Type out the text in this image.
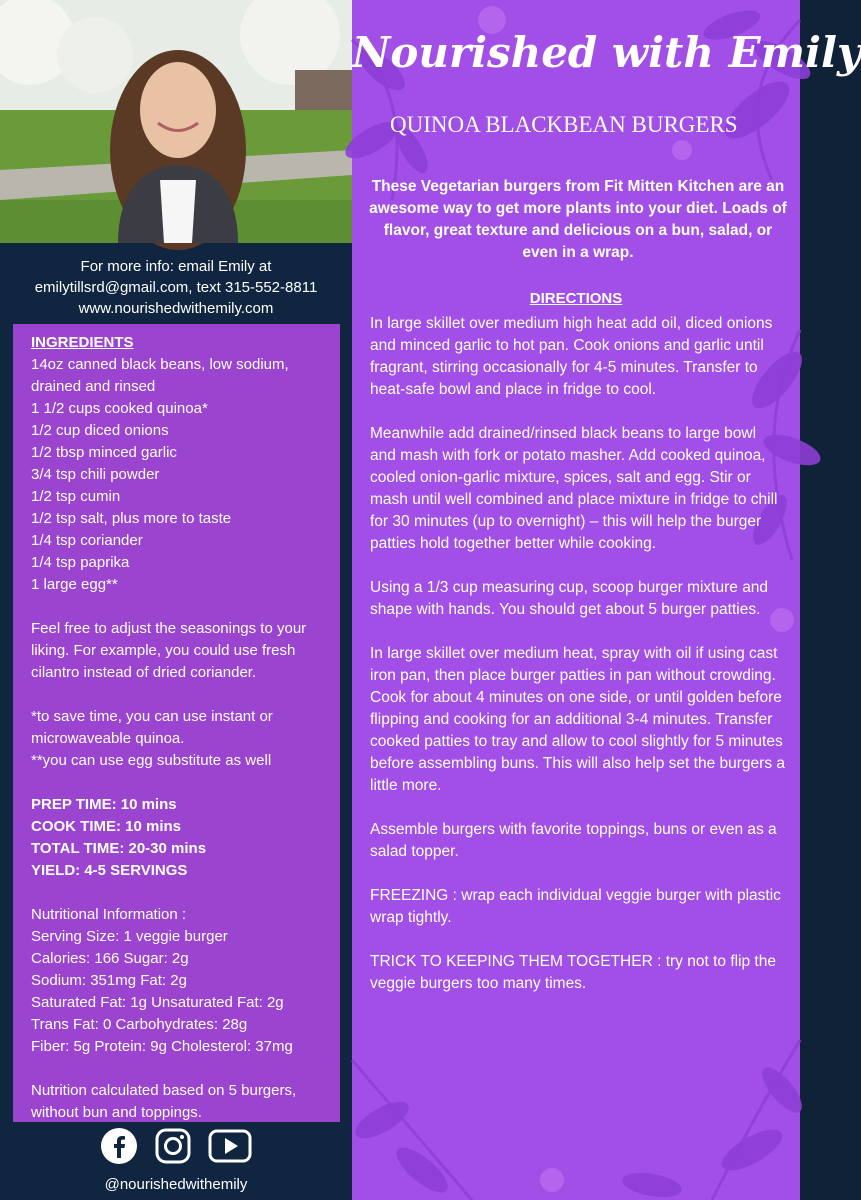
For more info: email Emily at
emilytillsrd@gmail.com, text 315-552-8811
www.nourishedwithemily.com
INGREDIENTS
14oz canned black beans, low sodium,
drained and rinsed
1 1/2 cups cooked quinoa*
1/2 cup diced onions
1/2 tbsp minced garlic
3/4 tsp chili powder
1/2 tsp cumin
1/2 tsp salt, plus more to taste
1/4 tsp coriander
1/4 tsp paprika
1 large egg**
Feel free to adjust the seasonings to your
liking. For example, you could use fresh
cilantro instead of dried coriander.
*to save time, you can use instant or
microwaveable quinoa.
**you can use egg substitute as well
PREP TIME: 10 mins
COOK TIME: 10 mins
TOTAL TIME: 20-30 mins
YIELD: 4-5 SERVINGS
Nutritional Information :
Serving Size: 1 veggie burger
Calories: 166 Sugar: 2g
Sodium: 351mg Fat: 2g
Saturated Fat: 1g Unsaturated Fat: 2g
Trans Fat: 0 Carbohydrates: 28g
Fiber: 5g Protein: 9g Cholesterol: 37mg
Nutrition calculated based on 5 burgers,
without bun and toppings.
@nourishedwithemily
Nourished with Emily
QUINOA BLACKBEAN BURGERS
These Vegetarian burgers from Fit Mitten Kitchen are an awesome way to get more plants into your diet. Loads of flavor, great texture and delicious on a bun, salad, or even in a wrap.
DIRECTIONS

In large skillet over medium high heat add oil, diced onions and minced garlic to hot pan. Cook onions and garlic until fragrant, stirring occasionally for 4-5 minutes. Transfer to heat-safe bowl and place in fridge to cool.

Meanwhile add drained/rinsed black beans to large bowl and mash with fork or potato masher. Add cooked quinoa, cooled onion-garlic mixture, spices, salt and egg. Stir or mash until well combined and place mixture in fridge to chill for 30 minutes (up to overnight) – this will help the burger patties hold together better while cooking.

Using a 1/3 cup measuring cup, scoop burger mixture and shape with hands. You should get about 5 burger patties.

In large skillet over medium heat, spray with oil if using cast iron pan, then place burger patties in pan without crowding. Cook for about 4 minutes on one side, or until golden before flipping and cooking for an additional 3-4 minutes. Transfer cooked patties to tray and allow to cool slightly for 5 minutes before assembling buns. This will also help set the burgers a little more.

Assemble burgers with favorite toppings, buns or even as a salad topper.

FREEZING : wrap each individual veggie burger with plastic wrap tightly.

TRICK TO KEEPING THEM TOGETHER : try not to flip the veggie burgers too many times.
